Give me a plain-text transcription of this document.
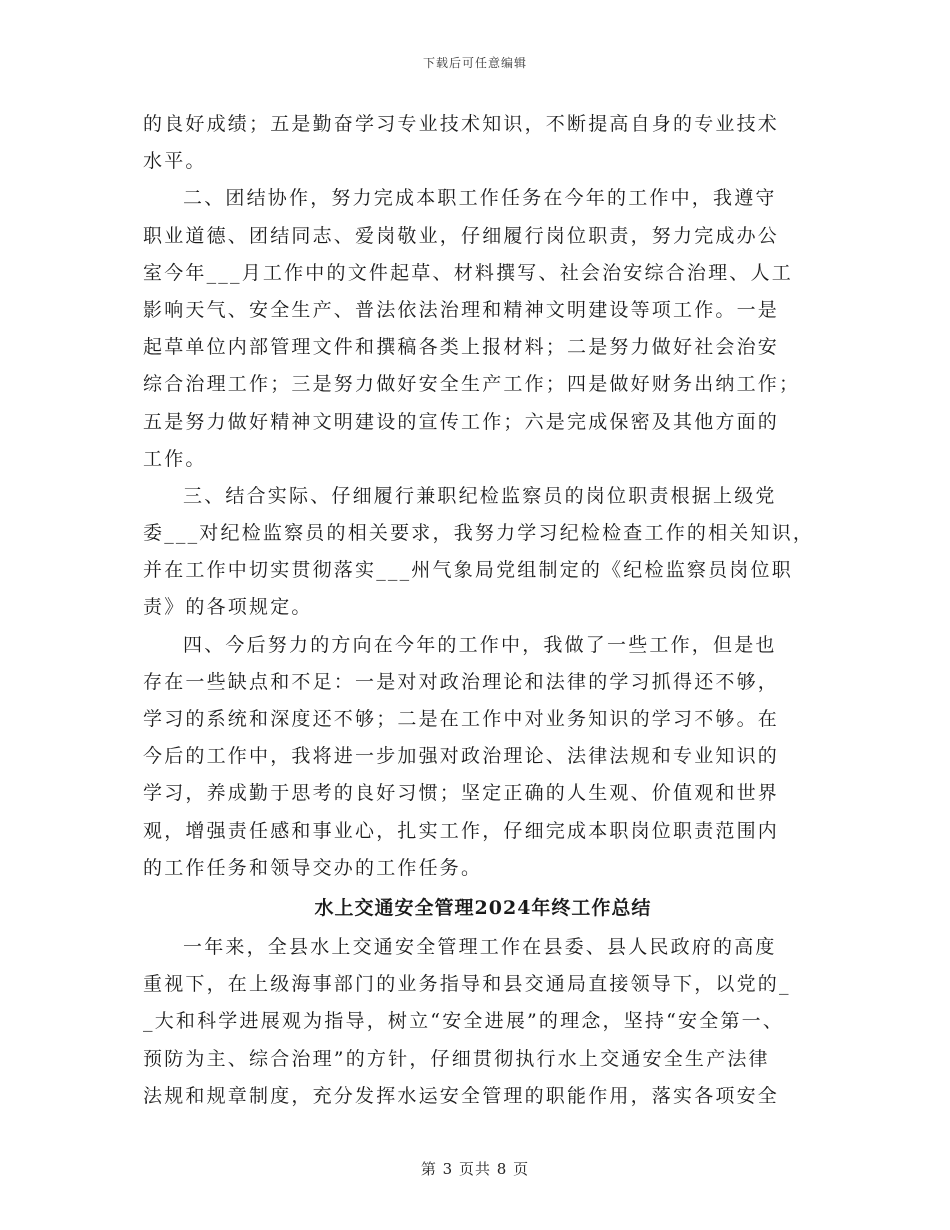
下载后可任意编辑
的良好成绩；五是勤奋学习专业技术知识，不断提高自身的专业技术
水平。
二、团结协作，努力完成本职工作任务在今年的工作中，我遵守
职业道德、团结同志、爱岗敬业，仔细履行岗位职责，努力完成办公
室今年___月工作中的文件起草、材料撰写、社会治安综合治理、人工
影响天气、安全生产、普法依法治理和精神文明建设等项工作。一是
起草单位内部管理文件和撰稿各类上报材料；二是努力做好社会治安
综合治理工作；三是努力做好安全生产工作；四是做好财务出纳工作；
五是努力做好精神文明建设的宣传工作；六是完成保密及其他方面的
工作。
三、结合实际、仔细履行兼职纪检监察员的岗位职责根据上级党
委___对纪检监察员的相关要求，我努力学习纪检检查工作的相关知识，
并在工作中切实贯彻落实___州气象局党组制定的《纪检监察员岗位职
责》的各项规定。
四、今后努力的方向在今年的工作中，我做了一些工作，但是也
存在一些缺点和不足：一是对对政治理论和法律的学习抓得还不够，
学习的系统和深度还不够；二是在工作中对业务知识的学习不够。在
今后的工作中，我将进一步加强对政治理论、法律法规和专业知识的
学习，养成勤于思考的良好习惯；坚定正确的人生观、价值观和世界
观，增强责任感和事业心，扎实工作，仔细完成本职岗位职责范围内
的工作任务和领导交办的工作任务。
水上交通安全管理2024年终工作总结
一年来，全县水上交通安全管理工作在县委、县人民政府的高度
重视下，在上级海事部门的业务指导和县交通局直接领导下，以党的_
_大和科学进展观为指导，树立“安全进展”的理念，坚持“安全第一、
预防为主、综合治理”的方针，仔细贯彻执行水上交通安全生产法律
法规和规章制度，充分发挥水运安全管理的职能作用，落实各项安全
第 3 页共 8 页
